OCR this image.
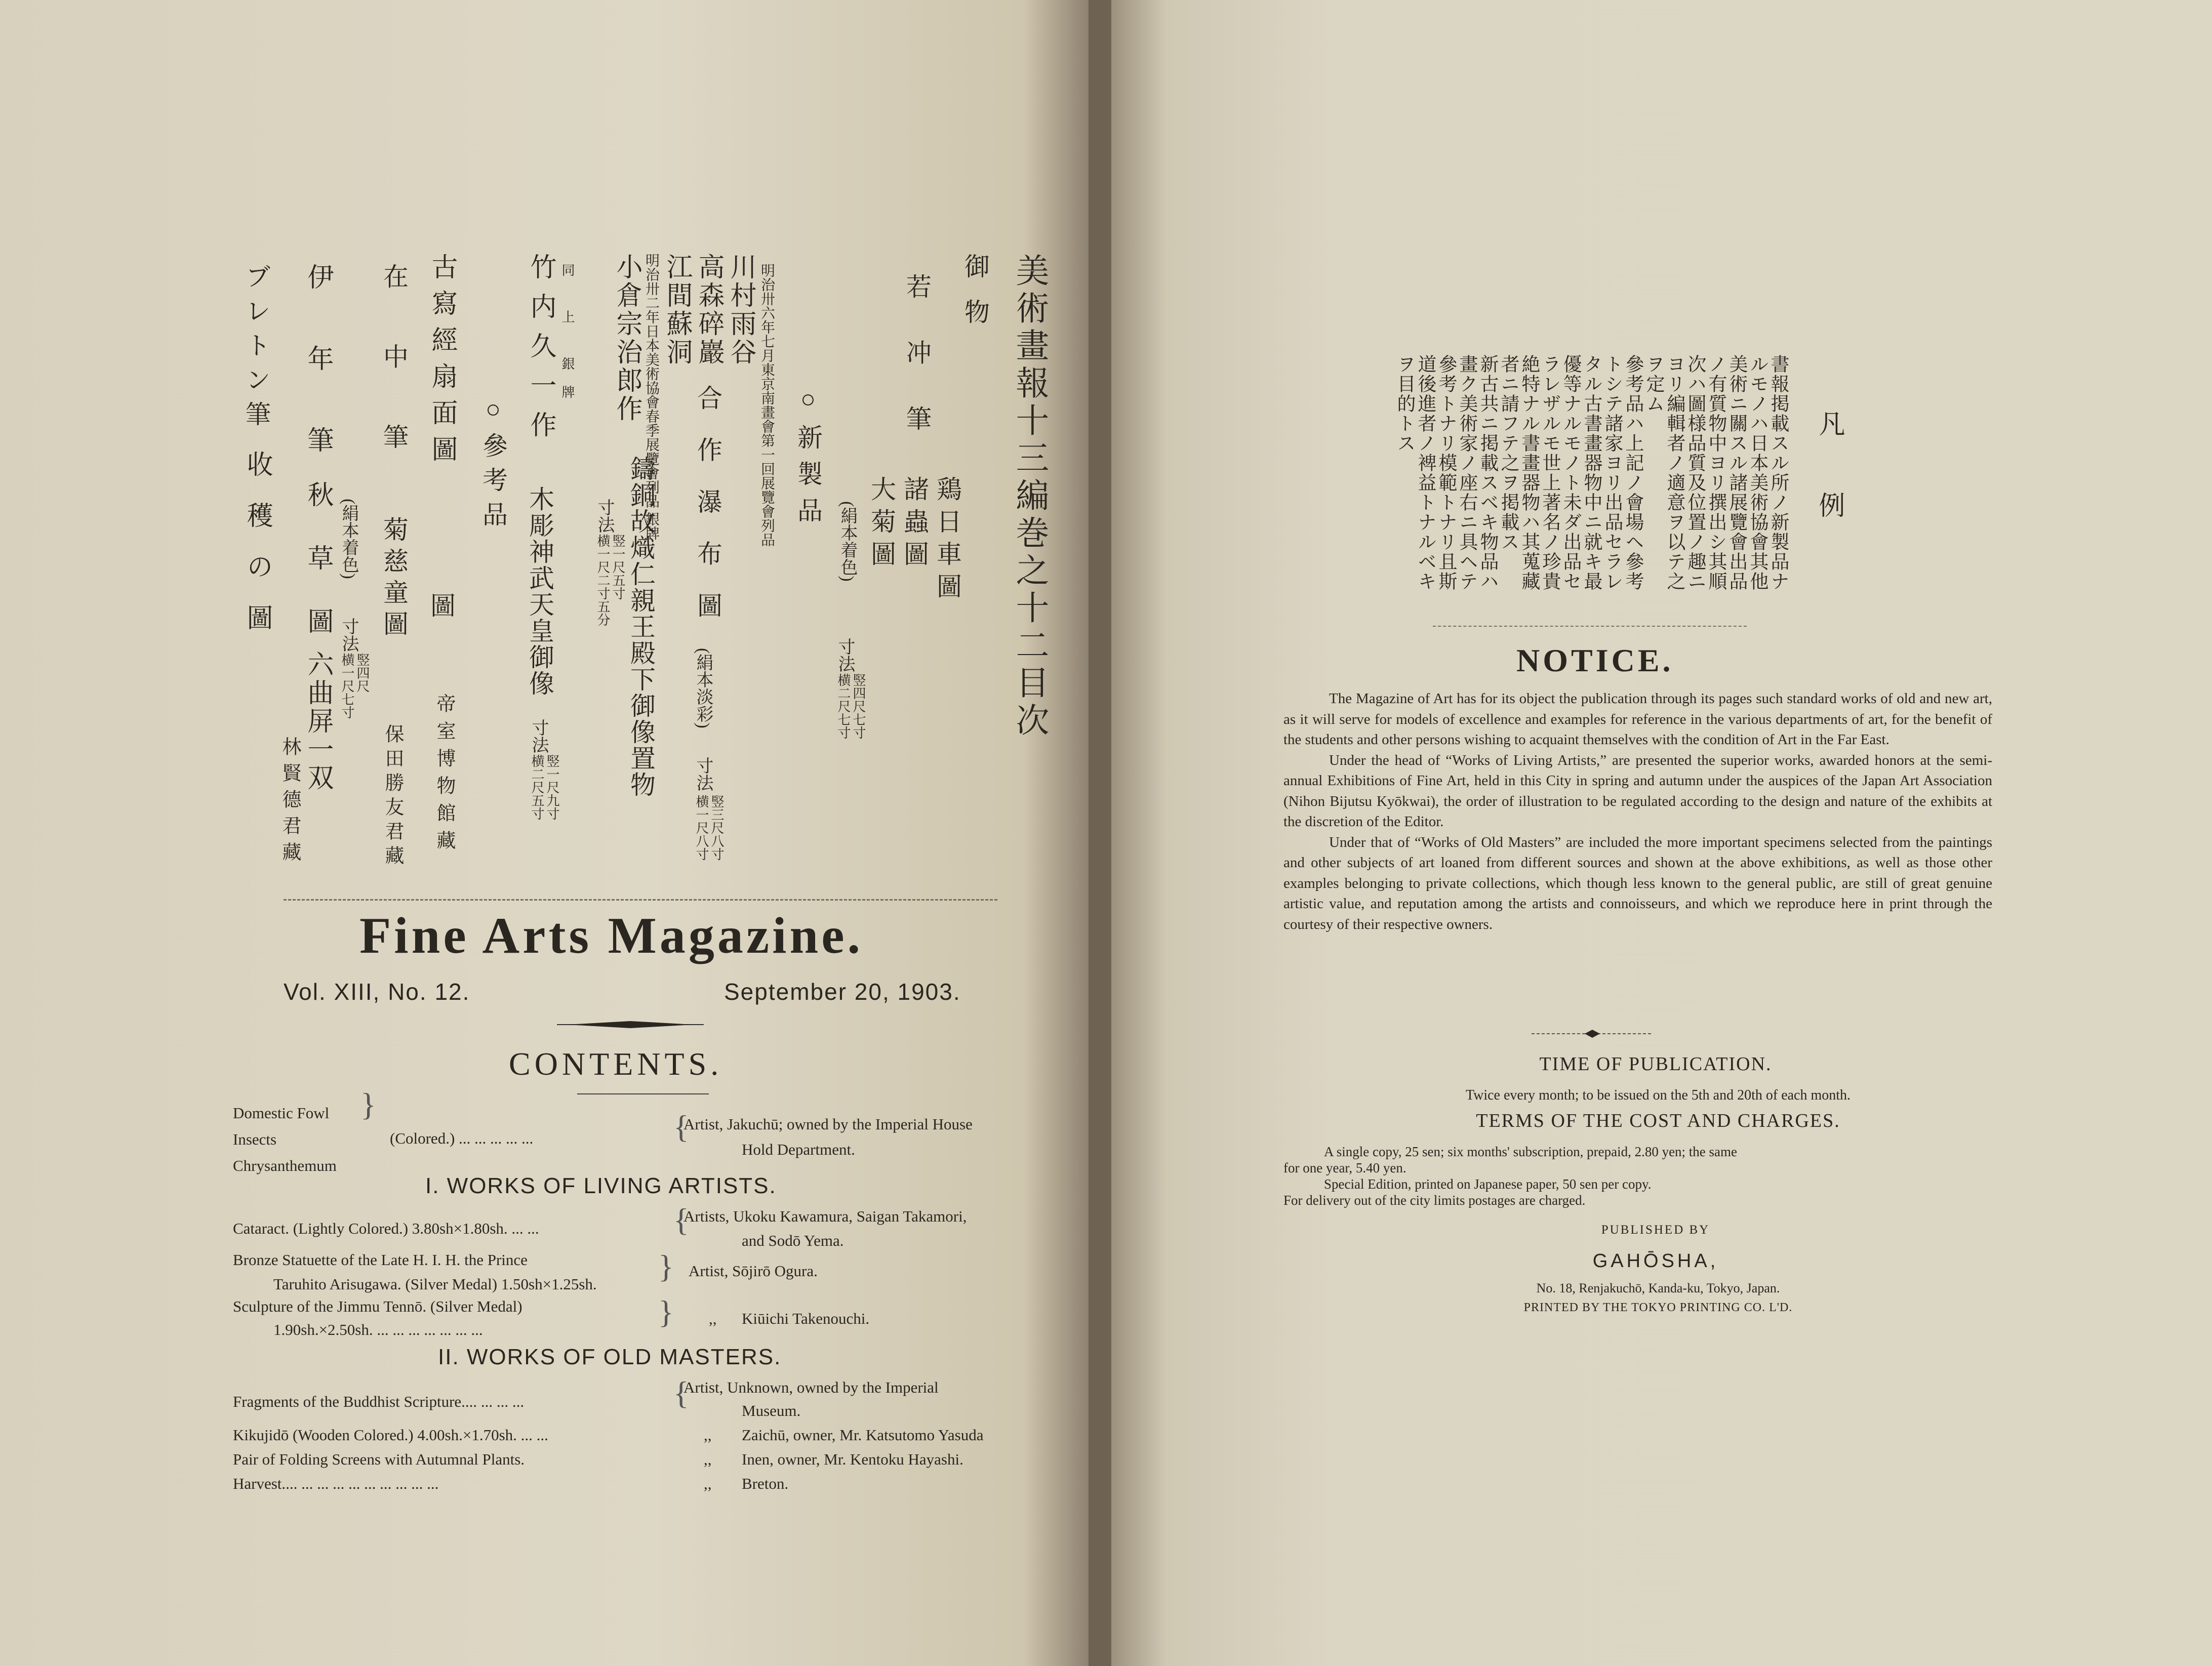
美術畫報十三編巻之十二目次
御物
若 冲 筆
鶏日車圖
諸蟲圖
大菊圖
(絹本着色)
寸法
竪四尺七寸
横二尺七寸
○新製品
明治卅六年七月東京南畫會第一回展覽會列品
川村雨谷
高森碎巖
江間蘇洞
合 作 瀑 布 圖
(絹本淡彩)
寸法
竪三尺八寸
横一尺八寸
明治卅二年日本美術協會春季展覽會列品 銀牌
小倉宗治郎作
鑄銅故熾仁親王殿下御像置物
寸法
竪一尺五寸
横一尺二寸五分
同 上 銀牌
竹内久一作
木彫神武天皇御像
寸法
竪一尺九寸
横二尺五寸
○參考品
古寫經扇面圖
圖
帝室博物館藏
在 中 筆
菊慈童圖
(絹本着色)
寸法
竪四尺
横一尺七寸
保田勝友君藏
伊 年 筆
秋 草 圖
六曲屏一双
林賢德君藏
ブレトン筆
收 穫 の 圖
Fine Arts Magazine.
Vol. XIII, No. 12.	September 20, 1903.
CONTENTS.
Domestic Fowl
Insects
Chrysanthemum
}
(Colored.) ... ... ... ... ...	{
Artist, Jakuchū; owned by the Imperial House
Hold Department.
I. WORKS OF LIVING ARTISTS.
Cataract. (Lightly Colored.) 3.80sh×1.80sh. ... ...	{
Artists, Ukoku Kawamura, Saigan Takamori,
and Sodō Yema.
Bronze Statuette of the Late H. I. H. the Prince
Taruhito Arisugawa. (Silver Medal) 1.50sh×1.25sh. } Artist, Sōjirō Ogura.
Sculpture of the Jimmu Tennō. (Silver Medal)
1.90sh.×2.50sh. ... ... ... ... ... ... ...	} ,, Kiūichi Takenouchi.
II. WORKS OF OLD MASTERS.
Fragments of the Buddhist Scripture.... ... ... ...	{
Artist, Unknown, owned by the Imperial
Museum.
Kikujidō (Wooden Colored.) 4.00sh.×1.70sh. ... ...	,, Zaichū, owner, Mr. Katsutomo Yasuda
Pair of Folding Screens with Autumnal Plants.	,, Inen, owner, Mr. Kentoku Hayashi.
Harvest.... ... ... ... ... ... ... ... ... ...	,, Breton.
凡 例
書報掲載スル所ノ新製品ナ
ルモノハ日本美術協會其他
美術ニ關スル諸展覽會出品
ノ有質物中ヨリ撰出シ其順
次ハ圖様品質及位置ノ趣ニ
ヨリ編輯者ノ適意ヲ以テ之
ヲ定ム
參考品ハ上記ノ會場ヘ參考
トシテ諸家ヨリ出品セラレ
タル古書畫器物中ニ就キ最
優等ナルモノト未ダ出品セ
ラレザルモ世上著名ノ珍貴
絶特ナル書畫器物ハ其蒐藏
者ニ請フテ之ヲ掲載ス
新古共ニ掲載スベキ物品ハ
畫ク美術家ノ座右ニ具ヘテ
參考トナリ模範トナリ且斯
道後進者ノ裨益トナルベキ
ヲ目的トス
NOTICE.

The Magazine of Art has for its object the publication through its pages such standard works of old and new art, as it will serve for models of excellence and examples for reference in the various departments of art, for the benefit of the students and other persons wishing to acquaint themselves with the condition of Art in the Far East.

Under the head of “Works of Living Artists,” are presented the superior works, awarded honors at the semi-annual Exhibitions of Fine Art, held in this City in spring and autumn under the auspices of the Japan Art Association (Nihon Bijutsu Kyōkwai), the order of illustration to be regulated according to the design and nature of the exhibits at the discretion of the Editor.

Under that of “Works of Old Masters” are included the more important specimens selected from the paintings and other subjects of art loaned from different sources and shown at the above exhibitions, as well as those other examples belonging to private collections, which though less known to the general public, are still of great genuine artistic value, and reputation among the artists and connoisseurs, and which we reproduce here in print through the courtesy of their respective owners.

TIME OF PUBLICATION.
Twice every month; to be issued on the 5th and 20th of each month.
TERMS OF THE COST AND CHARGES.
A single copy, 25 sen; six months' subscription, prepaid, 2.80 yen; the same
for one year, 5.40 yen.
Special Edition, printed on Japanese paper, 50 sen per copy.
For delivery out of the city limits postages are charged.
PUBLISHED BY
GAHŌSHA,
No. 18, Renjakuchō, Kanda-ku, Tokyo, Japan.
PRINTED BY THE TOKYO PRINTING CO. L'D.
